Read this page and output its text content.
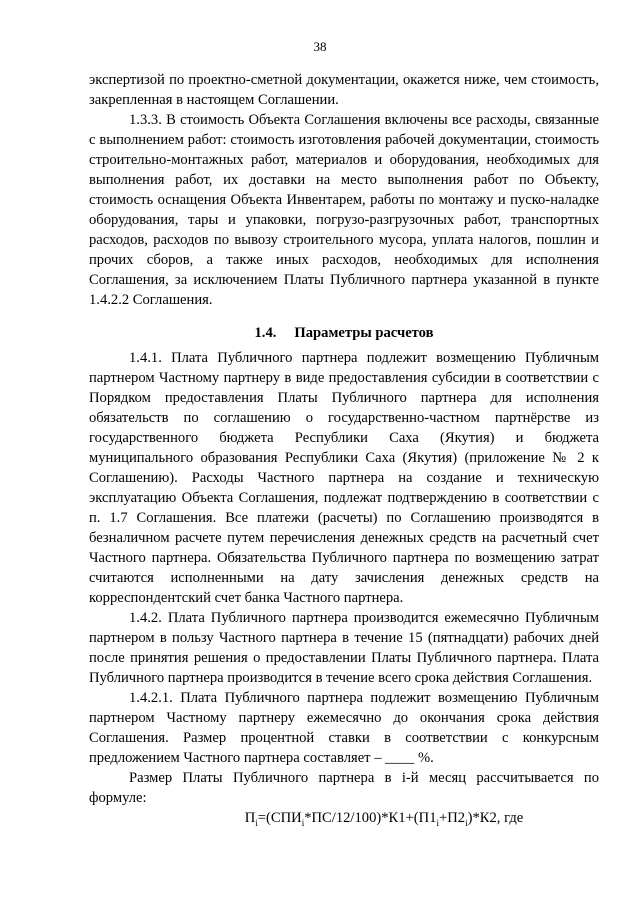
38

экспертизой по проектно-сметной документации, окажется ниже, чем стоимость, закрепленная в настоящем Соглашении.

1.3.3. В стоимость Объекта Соглашения включены все расходы, связанные с выполнением работ: стоимость изготовления рабочей документации, стоимость строительно-монтажных работ, материалов и оборудования, необходимых для выполнения работ, их доставки на место выполнения работ по Объекту, стоимость оснащения Объекта Инвентарем, работы по монтажу и пуско-наладке оборудования, тары и упаковки, погрузо-разгрузочных работ, транспортных расходов, расходов по вывозу строительного мусора, уплата налогов, пошлин и прочих сборов, а также иных расходов, необходимых для исполнения Соглашения, за исключением Платы Публичного партнера указанной в пункте 1.4.2.2 Соглашения.

1.4. Параметры расчетов

1.4.1. Плата Публичного партнера подлежит возмещению Публичным партнером Частному партнеру в виде предоставления субсидии в соответствии с Порядком предоставления Платы Публичного партнера для исполнения обязательств по соглашению о государственно-частном партнёрстве из государственного бюджета Республики Саха (Якутия) и бюджета муниципального образования Республики Саха (Якутия) (приложение № 2 к Соглашению). Расходы Частного партнера на создание и техническую эксплуатацию Объекта Соглашения, подлежат подтверждению в соответствии с п. 1.7 Соглашения. Все платежи (расчеты) по Соглашению производятся в безналичном расчете путем перечисления денежных средств на расчетный счет Частного партнера. Обязательства Публичного партнера по возмещению затрат считаются исполненными на дату зачисления денежных средств на корреспондентский счет банка Частного партнера.

1.4.2. Плата Публичного партнера производится ежемесячно Публичным партнером в пользу Частного партнера в течение 15 (пятнадцати) рабочих дней после принятия решения о предоставлении Платы Публичного партнера. Плата Публичного партнера производится в течение всего срока действия Соглашения.

1.4.2.1. Плата Публичного партнера подлежит возмещению Публичным партнером Частному партнеру ежемесячно до окончания срока действия Соглашения. Размер процентной ставки в соответствии с конкурсным предложением Частного партнера составляет – ____ %.

Размер Платы Публичного партнера в i-й месяц рассчитывается по формуле:

$П_i=(СПИ_i*ПС/12/100)*К1+(П1_i+П2_i)*К2$, где
